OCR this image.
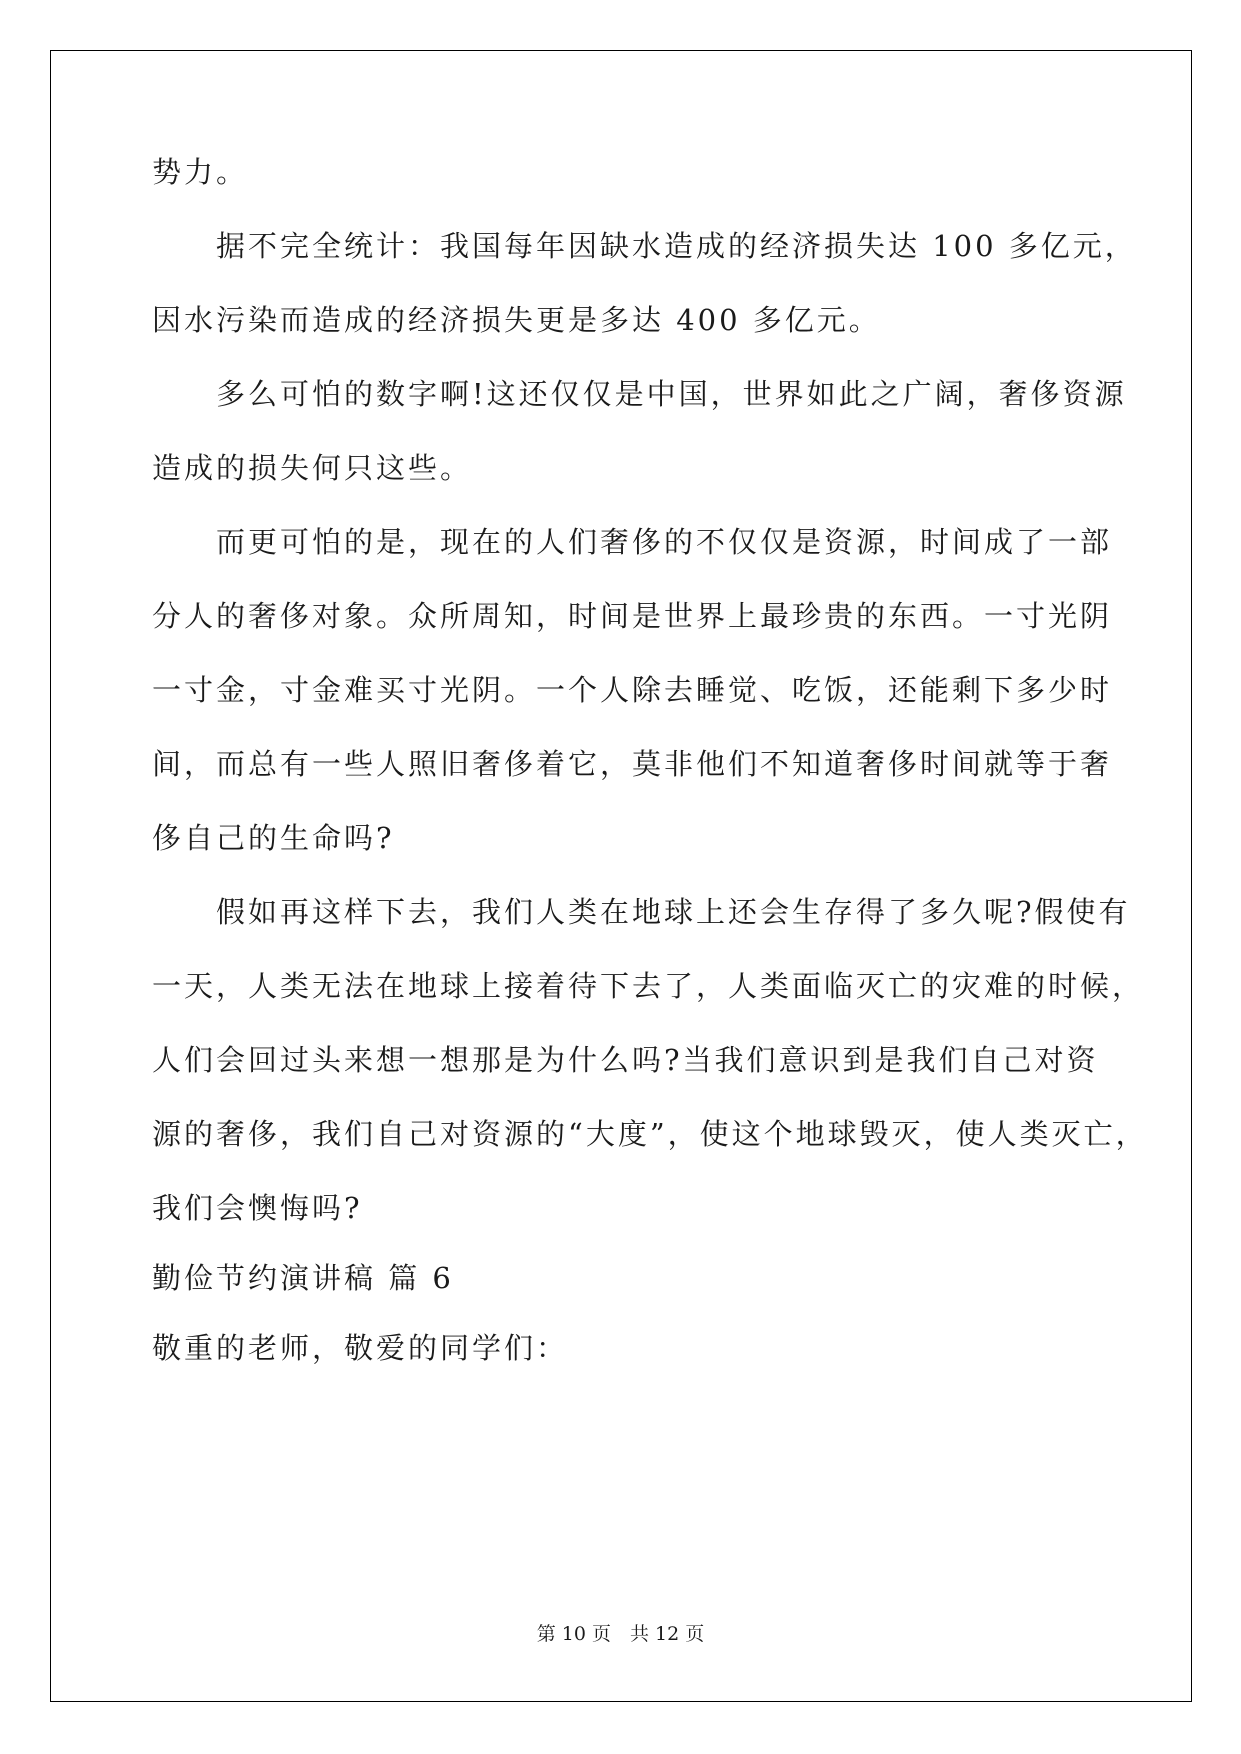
势力。
　　据不完全统计：我国每年因缺水造成的经济损失达 100 多亿元，
因水污染而造成的经济损失更是多达 400 多亿元。
　　多么可怕的数字啊!这还仅仅是中国，世界如此之广阔，奢侈资源
造成的损失何只这些。
　　而更可怕的是，现在的人们奢侈的不仅仅是资源，时间成了一部
分人的奢侈对象。众所周知，时间是世界上最珍贵的东西。一寸光阴
一寸金，寸金难买寸光阴。一个人除去睡觉、吃饭，还能剩下多少时
间，而总有一些人照旧奢侈着它，莫非他们不知道奢侈时间就等于奢
侈自己的生命吗?
　　假如再这样下去，我们人类在地球上还会生存得了多久呢?假使有
一天，人类无法在地球上接着待下去了，人类面临灭亡的灾难的时候，
人们会回过头来想一想那是为什么吗?当我们意识到是我们自己对资
源的奢侈，我们自己对资源的“大度”，使这个地球毁灭，使人类灭亡，
我们会懊悔吗?
勤俭节约演讲稿 篇 6
敬重的老师，敬爱的同学们：
第 10 页　共 12 页
